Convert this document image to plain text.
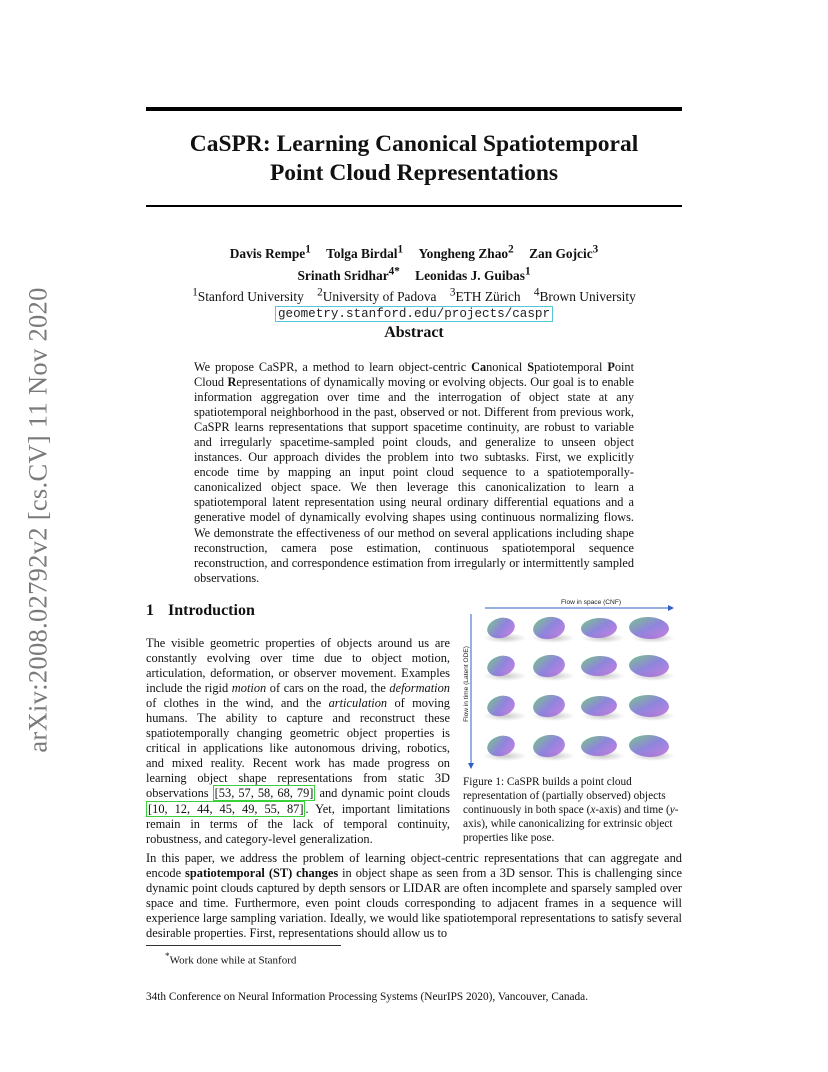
arXiv:2008.02792v2 [cs.CV] 11 Nov 2020
CaSPR: Learning Canonical Spatiotemporal
Point Cloud Representations
Davis Rempe$^1$ Tolga Birdal$^1$ Yongheng Zhao$^2$ Zan Gojcic$^3$
Srinath Sridhar$^{4*}$ Leonidas J. Guibas$^1$
$^1$Stanford University $^2$University of Padova $^3$ETH Zürich $^4$Brown University
geometry.stanford.edu/projects/caspr
Abstract
We propose CaSPR, a method to learn object-centric Canonical Spatiotemporal Point Cloud Representations of dynamically moving or evolving objects. Our goal is to enable information aggregation over time and the interrogation of object state at any spatiotemporal neighborhood in the past, observed or not. Different from previous work, CaSPR learns representations that support spacetime continuity, are robust to variable and irregularly spacetime-sampled point clouds, and generalize to unseen object instances. Our approach divides the problem into two subtasks. First, we explicitly encode time by mapping an input point cloud sequence to a spatiotemporally-canonicalized object space. We then leverage this canonicalization to learn a spatiotemporal latent representation using neural ordinary differential equations and a generative model of dynamically evolving shapes using continuous normalizing flows. We demonstrate the effectiveness of our method on several applications including shape reconstruction, camera pose estimation, continuous spatiotemporal sequence reconstruction, and correspondence estimation from irregularly or intermittently sampled observations.
1 Introduction
The visible geometric properties of objects around us are constantly evolving over time due to object motion, articulation, deformation, or observer movement. Examples include the rigid motion of cars on the road, the deformation of clothes in the wind, and the articulation of moving humans. The ability to capture and reconstruct these spatiotemporally changing geometric object properties is critical in applications like autonomous driving, robotics, and mixed reality. Recent work has made progress on learning object shape representations from static 3D observations [53, 57, 58, 68, 79] and dynamic point clouds [10, 12, 44, 45, 49, 55, 87] . Yet, important limitations remain in terms of the lack of temporal continuity, robustness, and category-level generalization.
Flow in space (CNF)
Flow in time (Latent ODE)
Figure 1: CaSPR builds a point cloud representation of (partially observed) objects continuously in both space (x-axis) and time (y-axis), while canonicalizing for extrinsic object properties like pose.
In this paper, we address the problem of learning object-centric representations that can aggregate and encode spatiotemporal (ST) changes in object shape as seen from a 3D sensor. This is challenging since dynamic point clouds captured by depth sensors or LIDAR are often incomplete and sparsely sampled over space and time. Furthermore, even point clouds corresponding to adjacent frames in a sequence will experience large sampling variation. Ideally, we would like spatiotemporal representations to satisfy several desirable properties. First, representations should allow us to
*Work done while at Stanford
34th Conference on Neural Information Processing Systems (NeurIPS 2020), Vancouver, Canada.
